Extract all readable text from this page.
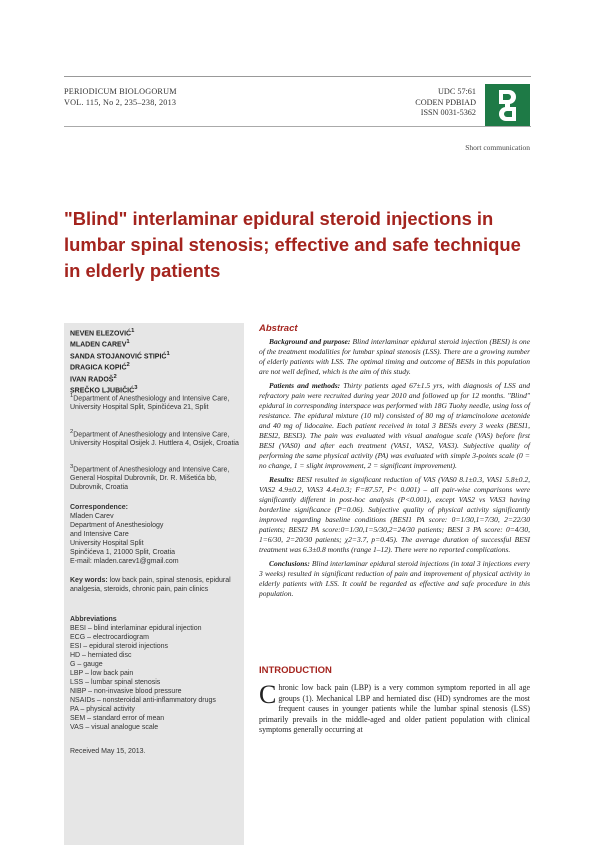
PERIODICUM BIOLOGORUM
VOL. 115, No 2, 235–238, 2013
UDC 57:61
CODEN PDBIAD
ISSN 0031-5362
Short communication
"Blind" interlaminar epidural steroid injections in lumbar spinal stenosis; effective and safe technique in elderly patients
NEVEN ELEZOVIĆ$^1$
MLADEN CAREV$^1$
SANDA STOJANOVIĆ STIPIĆ$^1$
DRAGICA KOPIĆ$^2$
IVAN RADOŠ$^2$
SREČKO LJUBIČIĆ$^3$
$^1$Department of Anesthesiology and Intensive Care, University Hospital Split, Spinčićeva 21, Split
$^2$Department of Anesthesiology and Intensive Care, University Hospital Osijek J. Huttlera 4, Osijek, Croatia
$^3$Department of Anesthesiology and Intensive Care, General Hospital Dubrovnik, Dr. R. Mišetića bb, Dubrovnik, Croatia
Correspondence:
Mladen Carev
Department of Anesthesiology
and Intensive Care
University Hospital Split
Spinčićeva 1, 21000 Split, Croatia
E-mail: mladen.carev1@gmail.com
Key words: low back pain, spinal stenosis, epidural analgesia, steroids, chronic pain, pain clinics
Abbreviations
BESI – blind interlaminar epidural injection
ECG – electrocardiogram
ESI – epidural steroid injections
HD – herniated disc
G – gauge
LBP – low back pain
LSS – lumbar spinal stenosis
NIBP – non-invasive blood pressure
NSAIDs – nonsteroidal anti-inflammatory drugs
PA – physical activity
SEM – standard error of mean
VAS – visual analogue scale
Received May 15, 2013.
Abstract

Background and purpose: Blind interlaminar epidural steroid injection (BESI) is one of the treatment modalities for lumbar spinal stenosis (LSS). There are a growing number of elderly patients with LSS. The optimal timing and outcome of BESIs in this population are not well defined, which is the aim of this study.

Patients and methods: Thirty patients aged 67±1.5 yrs, with diagnosis of LSS and refractory pain were recruited during year 2010 and followed up for 12 months. "Blind" epidural in corresponding interspace was performed with 18G Tuohy needle, using loss of resistance. The epidural mixture (10 ml) consisted of 80 mg of triamcinolone acetonide and 40 mg of lidocaine. Each patient received in total 3 BESIs every 3 weeks (BESI1, BESI2, BESI3). The pain was evaluated with visual analogue scale (VAS) before first BESI (VAS0) and after each treatment (VAS1, VAS2, VAS3). Subjective quality of performing the same physical activity (PA) was evaluated with simple 3-points scale (0 = no change, 1 = slight improvement, 2 = significant improvement).

Results: BESI resulted in significant reduction of VAS (VAS0 8.1±0.3, VAS1 5.8±0.2, VAS2 4.9±0.2, VAS3 4.4±0.3; F=87.57, P< 0.001) – all pair-wise comparisons were significantly different in post-hoc analysis (P<0.001), except VAS2 vs VAS3 having borderline significance (P=0.06). Subjective quality of physical activity significantly improved regarding baseline conditions (BESI1 PA score: 0=1/30,1=7/30, 2=22/30 patients; BESI2 PA score:0=1/30,1=5/30,2=24/30 patients; BESI 3 PA score: 0=4/30, 1=6/30, 2=20/30 patients; χ2=3.7, p=0.45). The average duration of successful BESI treatment was 6.3±0.8 months (range 1–12). There were no reported complications.

Conclusions: Blind interlaminar epidural steroid injections (in total 3 injections every 3 weeks) resulted in significant reduction of pain and improvement of physical activity in elderly patients with LSS. It could be regarded as effective and safe procedure in this population.

INTRODUCTION
Chronic low back pain (LBP) is a very common symptom reported in all age groups (1). Mechanical LBP and herniated disc (HD) syndromes are the most frequent causes in younger patients while the lumbar spinal stenosis (LSS) primarily prevails in the middle-aged and older patient population with clinical symptoms generally occurring at
